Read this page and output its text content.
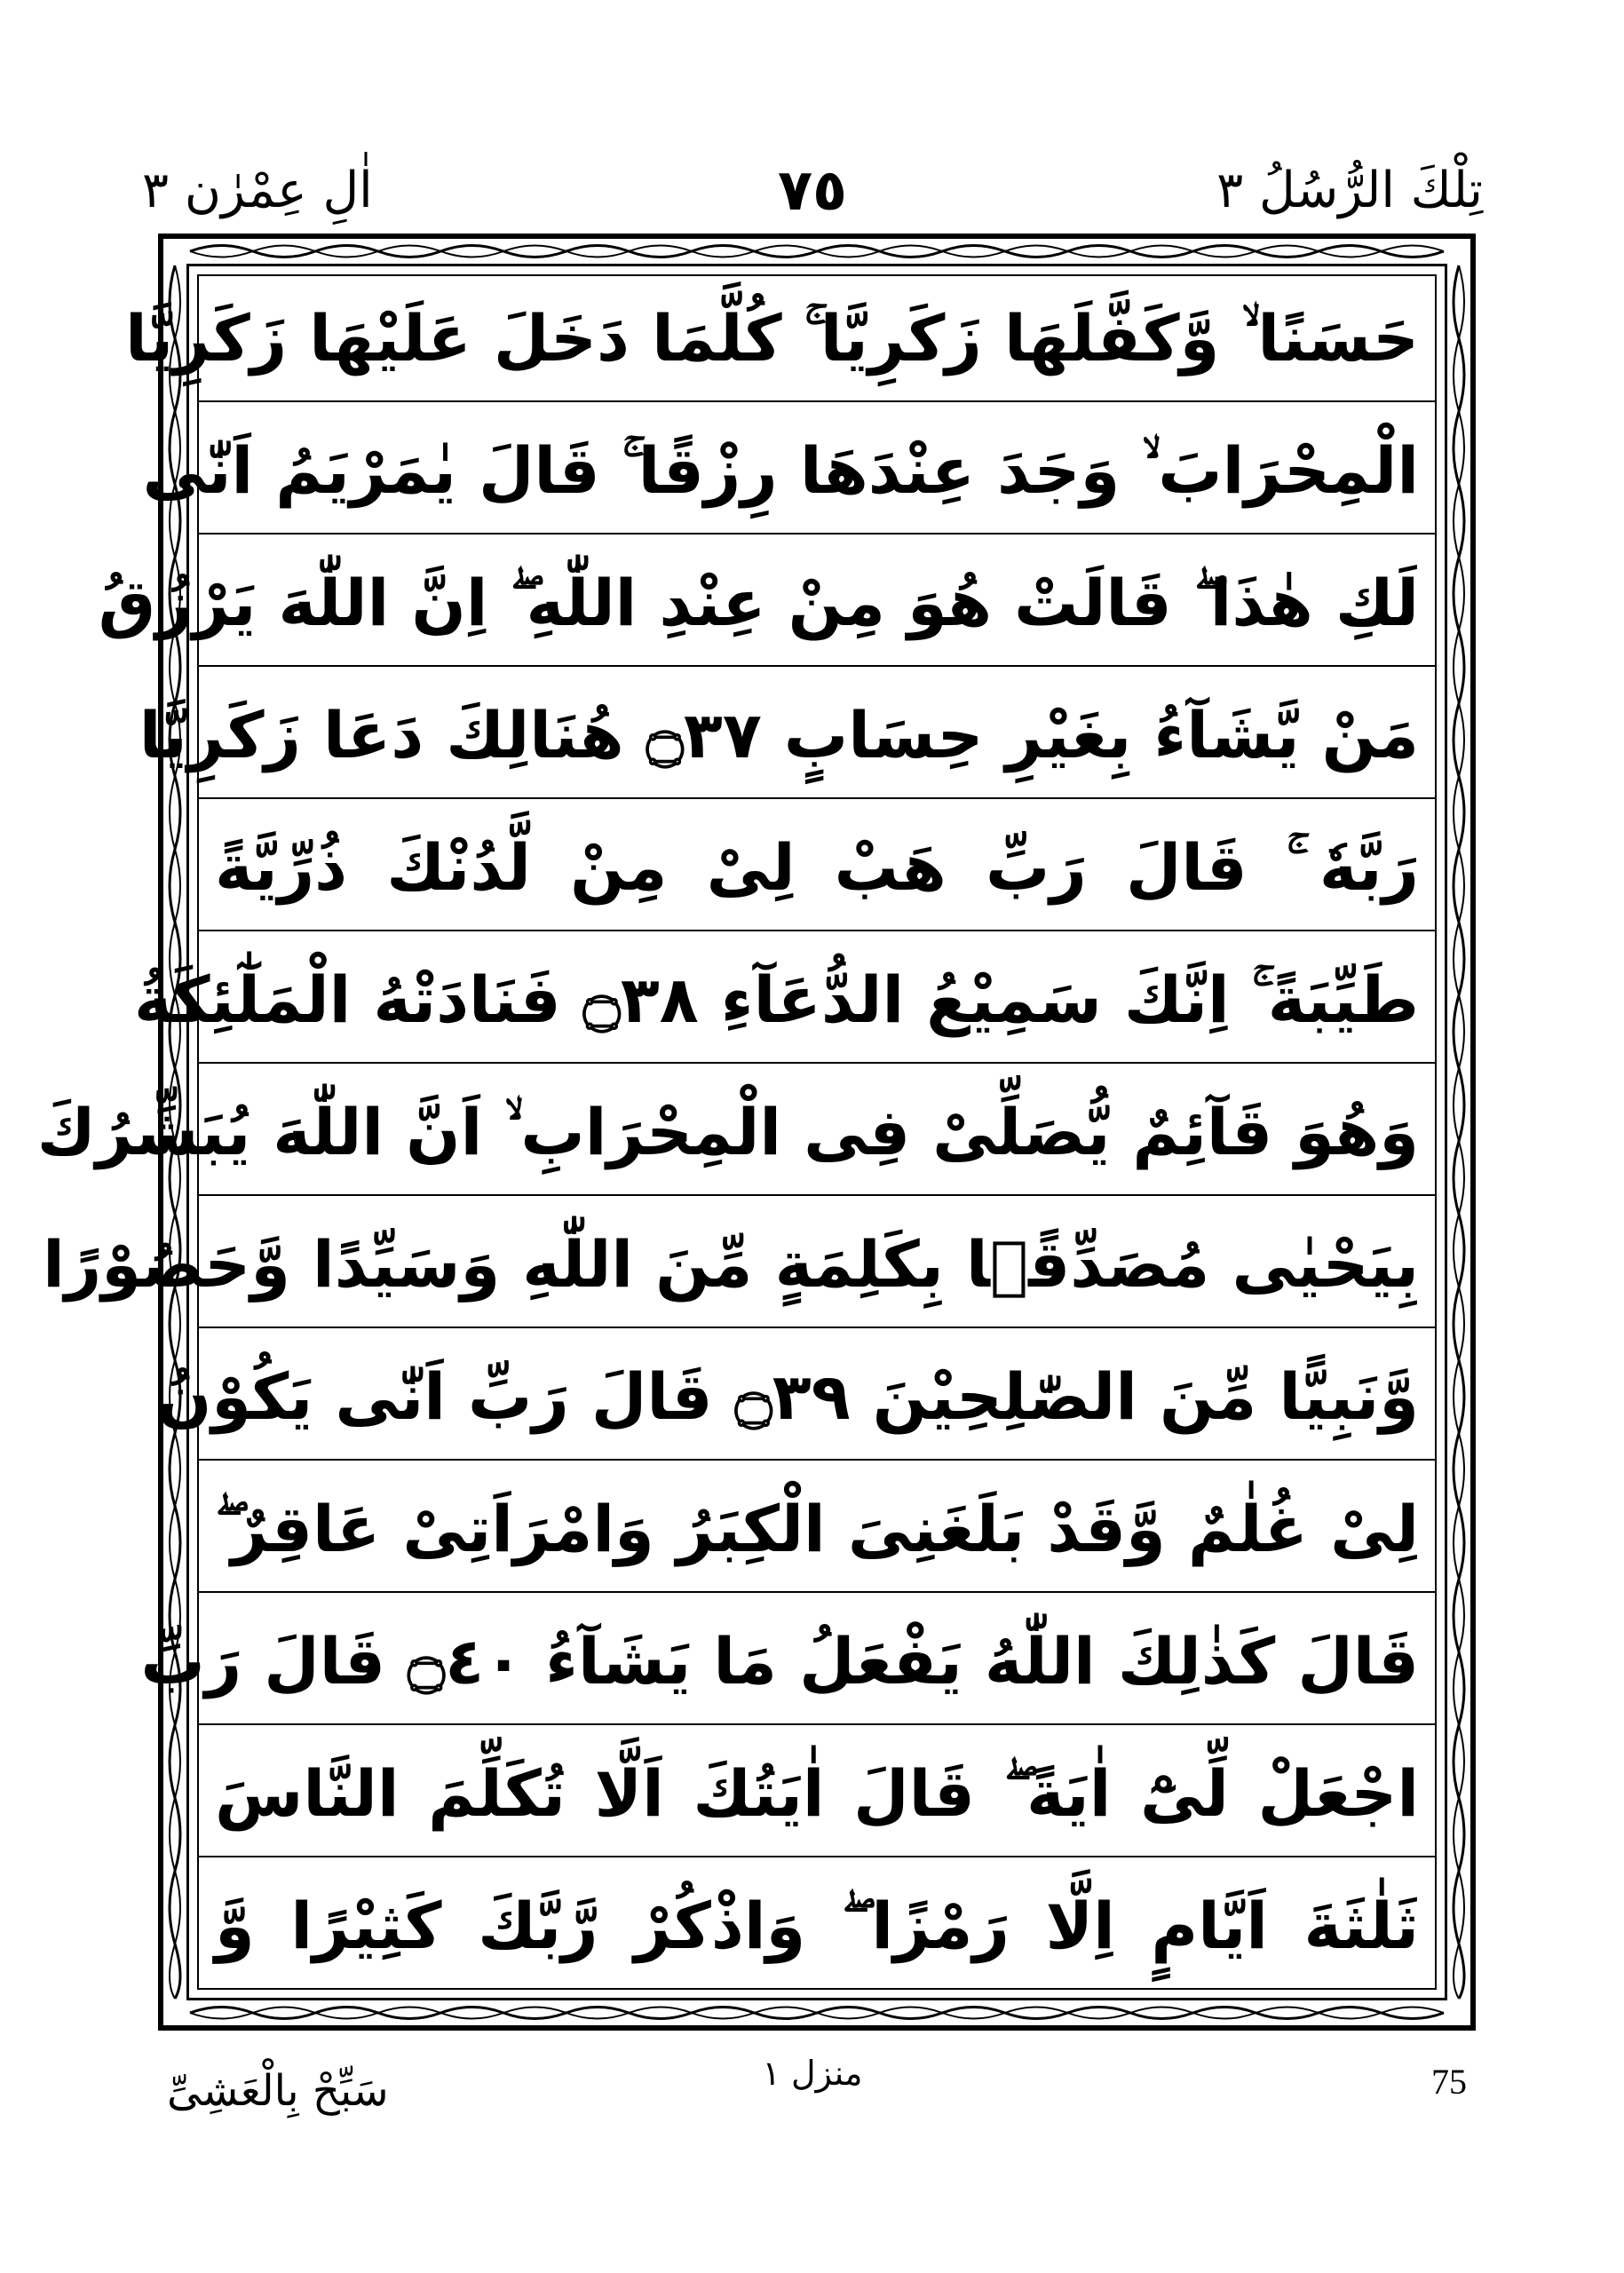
اٰلِ عِمْرٰن ٣	٧٥	تِلْكَ الرُّسُلُ ٣
حَسَنًا ۙ وَّكَفَّلَهَا زَكَرِيَّا ۚ كُلَّمَا دَخَلَ عَلَيْهَا زَكَرِيَّا
الْمِحْرَابَ ۙ وَجَدَ عِنْدَهَا رِزْقًا ۚ قَالَ يٰمَرْيَمُ اَنّٰى
لَكِ هٰذَا ۖ قَالَتْ هُوَ مِنْ عِنْدِ اللّٰهِ ۖ اِنَّ اللّٰهَ يَرْزُقُ
مَنْ يَّشَآءُ بِغَيْرِ حِسَابٍ ۝٣٧ هُنَالِكَ دَعَا زَكَرِيَّا
رَبَّهٗ ۚ قَالَ رَبِّ هَبْ لِىْ مِنْ لَّدُنْكَ ذُرِّيَّةً
طَيِّبَةً ۚ اِنَّكَ سَمِيْعُ الدُّعَآءِ ۝٣٨ فَنَادَتْهُ الْمَلٰٓئِكَةُ
وَهُوَ قَآئِمٌ يُّصَلِّىْ فِى الْمِحْرَابِ ۙ اَنَّ اللّٰهَ يُبَشِّرُكَ
بِيَحْيٰى مُصَدِّقًۢا بِكَلِمَةٍ مِّنَ اللّٰهِ وَسَيِّدًا وَّحَصُوْرًا
وَّنَبِيًّا مِّنَ الصّٰلِحِيْنَ ۝٣٩ قَالَ رَبِّ اَنّٰى يَكُوْنُ
لِىْ غُلٰمٌ وَّقَدْ بَلَغَنِىَ الْكِبَرُ وَامْرَاَتِىْ عَاقِرٌ ۖ
قَالَ كَذٰلِكَ اللّٰهُ يَفْعَلُ مَا يَشَآءُ ۝٤٠ قَالَ رَبِّ
اجْعَلْ لِّىْٓ اٰيَةً ۖ قَالَ اٰيَتُكَ اَلَّا تُكَلِّمَ النَّاسَ
ثَلٰثَةَ اَيَّامٍ اِلَّا رَمْزًا ۖ وَاذْكُرْ رَّبَّكَ كَثِيْرًا وَّ
سَبِّحْ بِالْعَشِىِّ	منزل ١	75
